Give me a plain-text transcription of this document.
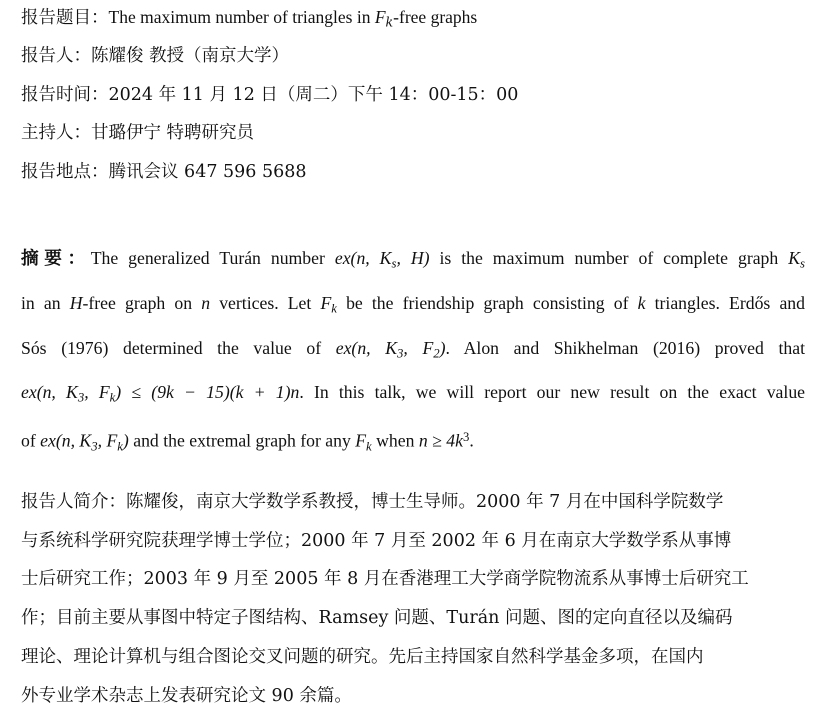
报告题目：The maximum number of triangles in $F_k$-free graphs
报告人：陈耀俊 教授（南京大学）
报告时间：2024 年 11 月 12 日（周二）下午 14：00-15：00
主持人：甘璐伊宁 特聘研究员
报告地点：腾讯会议 647 596 5688
摘要：The generalized Turán number ex(n, $K_s$, H) is the maximum number of complete graph $K_s$
in an H-free graph on n vertices. Let $F_k$ be the friendship graph consisting of k triangles. Erdős and
Sós (1976) determined the value of ex(n, $K_3$, $F_2$). Alon and Shikhelman (2016) proved that
ex(n, $K_3$, $F_k) \le (9k - 15)(k + 1)n$. In this talk, we will report our new result on the exact value
of ex(n, $K_3$, $F_k$) and the extremal graph for any $F_k$ when $n \ge 4k^3$.
报告人简介：陈耀俊，南京大学数学系教授，博士生导师。2000 年 7 月在中国科学院数学
与系统科学研究院获理学博士学位；2000 年 7 月至 2002 年 6 月在南京大学数学系从事博
士后研究工作；2003 年 9 月至 2005 年 8 月在香港理工大学商学院物流系从事博士后研究工
作；目前主要从事图中特定子图结构、Ramsey 问题、Turán 问题、图的定向直径以及编码
理论、理论计算机与组合图论交叉问题的研究。先后主持国家自然科学基金多项，在国内
外专业学术杂志上发表研究论文 90 余篇。
